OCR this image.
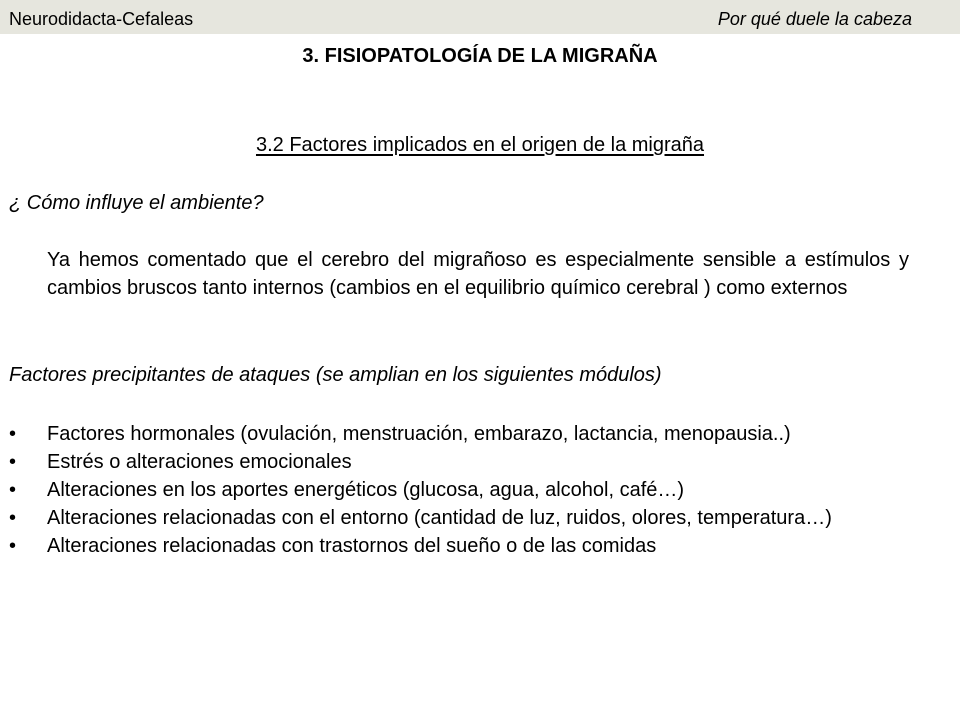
Neurodidacta-Cefaleas	Por qué duele la cabeza
3. FISIOPATOLOGÍA DE LA MIGRAÑA
3.2 Factores implicados en el origen de la migraña
¿ Cómo influye el ambiente?
Ya hemos comentado que el cerebro del migrañoso es especialmente sensible a estímulos y cambios bruscos tanto internos (cambios en el equilibrio químico cerebral ) como externos
Factores precipitantes de ataques (se amplian en los siguientes módulos)
• Factores hormonales (ovulación, menstruación, embarazo, lactancia, menopausia..)
• Estrés o alteraciones emocionales
• Alteraciones en los aportes energéticos (glucosa, agua, alcohol, café…)
• Alteraciones relacionadas con el entorno (cantidad de luz, ruidos, olores, temperatura…)
• Alteraciones relacionadas con trastornos del sueño o de las comidas
